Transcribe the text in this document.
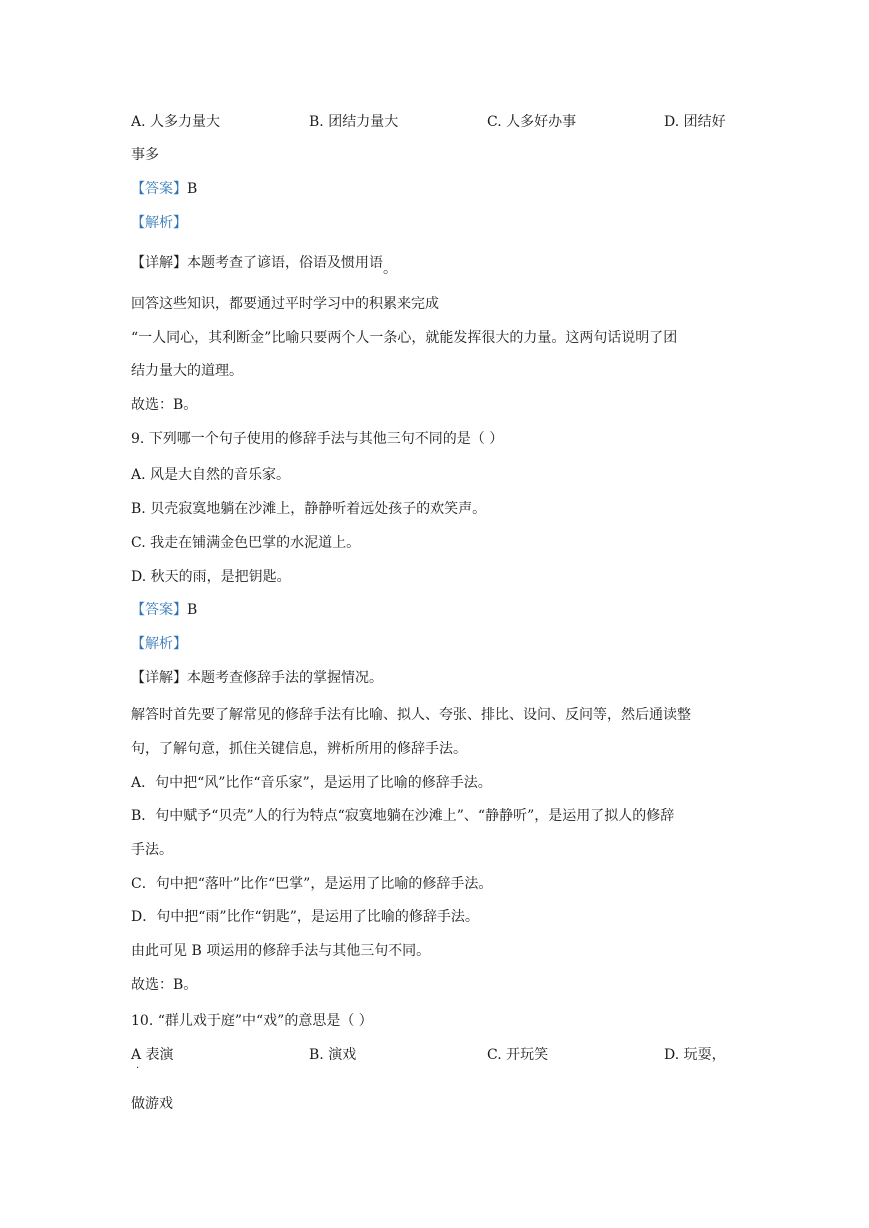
A. 人多力量大	B. 团结力量大	C. 人多好办事	D. 团结好
事多
【答案】B
【解析】
【详解】本题考查了谚语，俗语及惯用语。
回答这些知识，都要通过平时学习中的积累来完成
“一人同心，其利断金”比喻只要两个人一条心，就能发挥很大的力量。这两句话说明了团
结力量大的道理。
故选：B。
9. 下列哪一个句子使用的修辞手法与其他三句不同的是（ ）
A. 风是大自然的音乐家。
B. 贝壳寂寞地躺在沙滩上，静静听着远处孩子的欢笑声。
C. 我走在铺满金色巴掌的水泥道上。
D. 秋天的雨，是把钥匙。
【答案】B
【解析】
【详解】本题考查修辞手法的掌握情况。
解答时首先要了解常见的修辞手法有比喻、拟人、夸张、排比、设问、反问等，然后通读整
句，了解句意，抓住关键信息，辨析所用的修辞手法。
A．句中把“风”比作“音乐家”，是运用了比喻的修辞手法。
B．句中赋予“贝壳”人的行为特点“寂寞地躺在沙滩上”、“静静听”，是运用了拟人的修辞
手法。
C．句中把“落叶”比作“巴掌”，是运用了比喻的修辞手法。
D．句中把“雨”比作“钥匙”，是运用了比喻的修辞手法。
由此可见 B 项运用的修辞手法与其他三句不同。
故选：B。
10. “群儿戏于庭”中“戏”的意思是（ ）
A 表演
·
B. 演戏	C. 开玩笑	D. 玩耍，
做游戏
